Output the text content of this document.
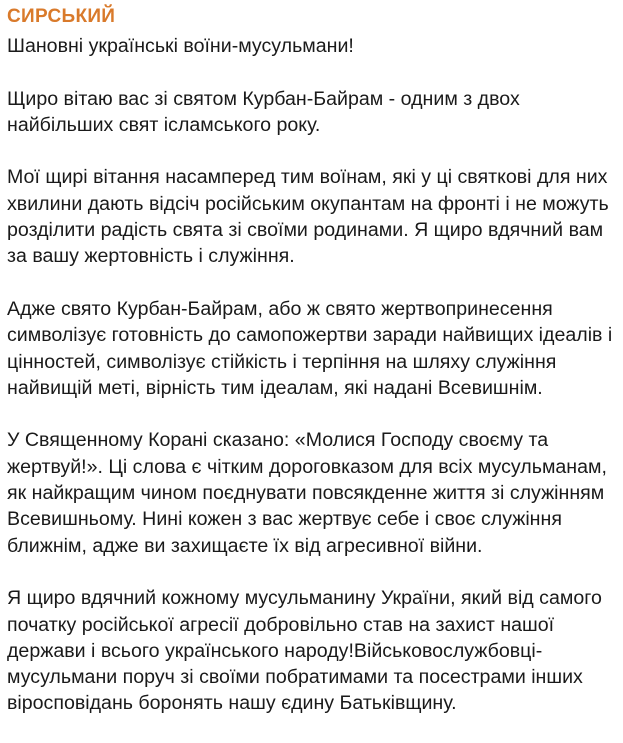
СИРСЬКИЙ

Шановні українські воїни-мусульмани!

Щиро вітаю вас зі святом Курбан-Байрам - одним з двох найбільших свят ісламського року.

Мої щирі вітання насамперед тим воїнам, які у ці святкові для них хвилини дають відсіч російським окупантам на фронті і не можуть розділити радість свята зі своїми родинами. Я щиро вдячний вам за вашу жертовність і служіння.

Адже свято Курбан-Байрам, або ж свято жертвопринесення символізує готовність до самопожертви заради найвищих ідеалів і цінностей, символізує стійкість і терпіння на шляху служіння найвищій меті, вірність тим ідеалам, які надані Всевишнім.

У Священному Корані сказано: «Молися Господу своєму та жертвуй!». Ці слова є чітким дороговказом для всіх мусульманам, як найкращим чином поєднувати повсякденне життя зі служінням Всевишньому. Нині кожен з вас жертвує себе і своє служіння ближнім, адже ви захищаєте їх від агресивної війни.

Я щиро вдячний кожному мусульманину України, який від самого початку російської агресії добровільно став на захист нашої держави і всього українського народу!Військовослужбовці-мусульмани поруч зі своїми побратимами та посестрами інших віросповідань боронять нашу єдину Батьківщину.
